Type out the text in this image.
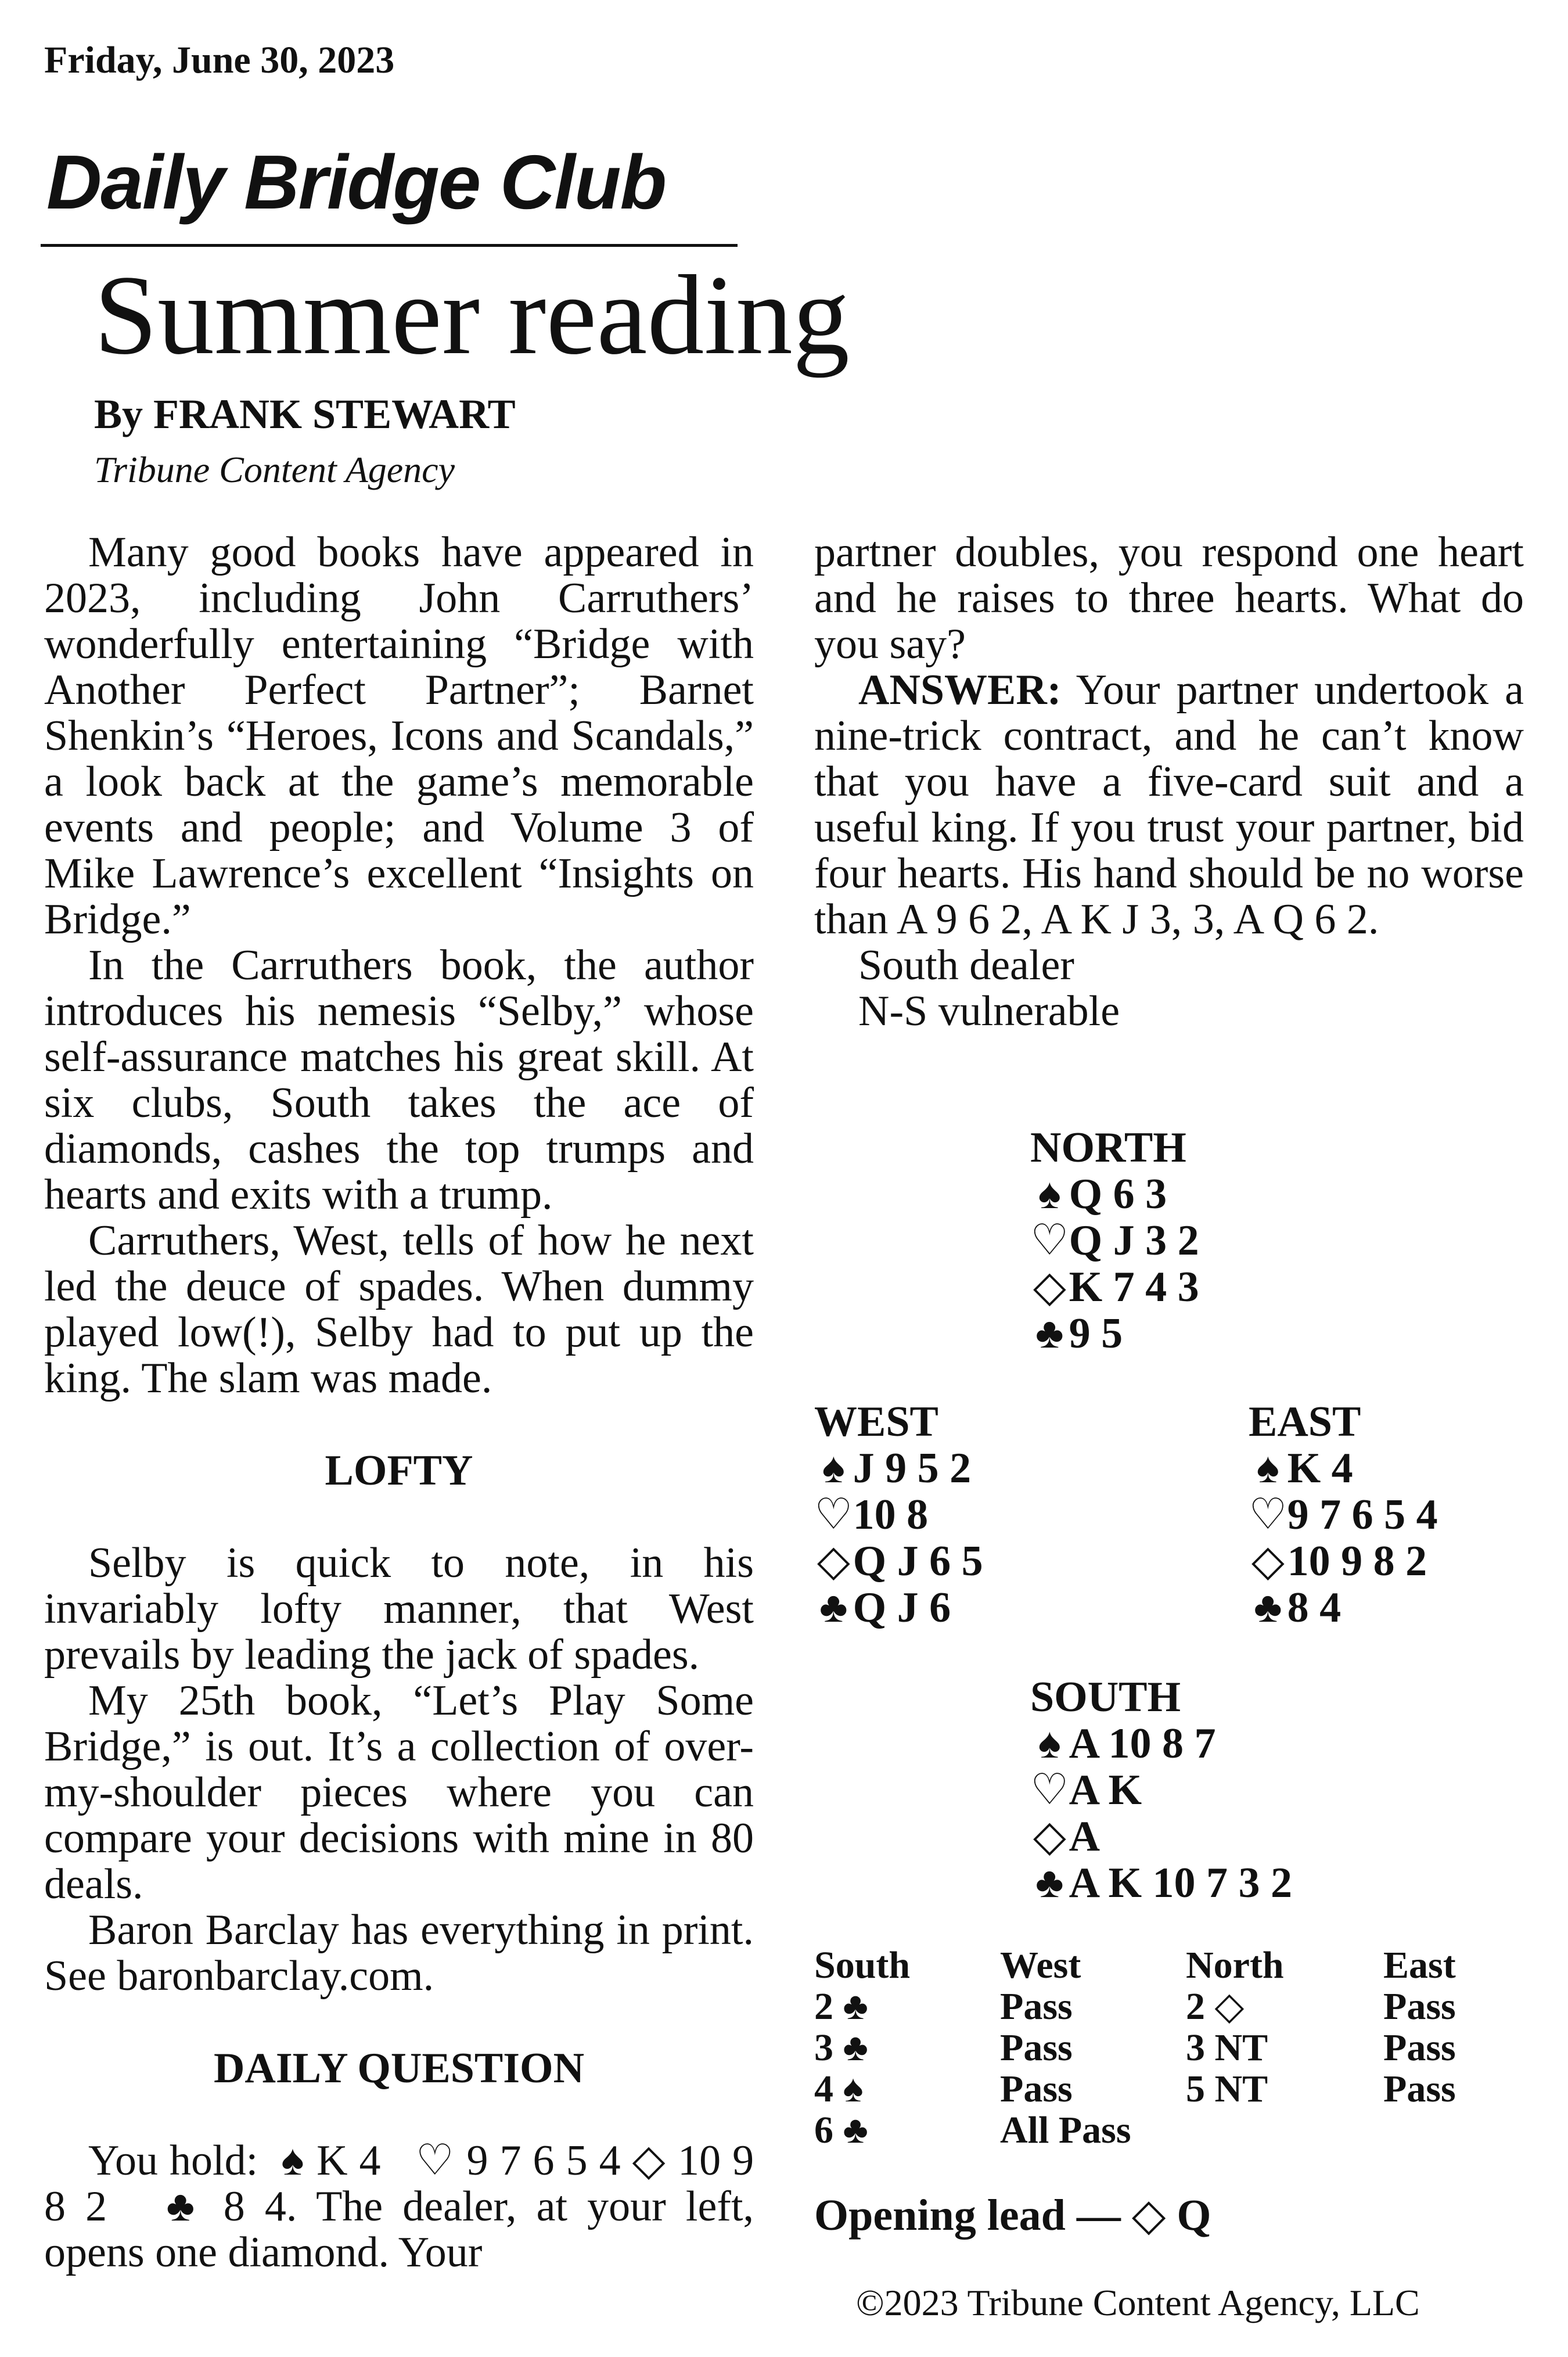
Friday, June 30, 2023
Daily Bridge Club
Summer reading
By FRANK STEWART
Tribune Content Agency

Many good books have appeared in 2023, including John Carruthers’ wonderfully entertaining “Bridge with Another Perfect Partner”; Barnet Shenkin’s “Heroes, Icons and Scandals,” a look back at the game’s memorable events and people; and Volume 3 of Mike Lawrence’s excellent “Insights on Bridge.”

In the Carruthers book, the author introduces his nemesis “Selby,” whose self-assurance matches his great skill. At six clubs, South takes the ace of diamonds, cashes the top trumps and hearts and exits with a trump.

Carruthers, West, tells of how he next led the deuce of spades. When dummy played low(!), Selby had to put up the king. The slam was made.

LOFTY

Selby is quick to note, in his invariably lofty manner, that West prevails by leading the jack of spades.

My 25th book, “Let’s Play Some Bridge,” is out. It’s a collection of over-my-shoulder pieces where you can compare your decisions with mine in 80 deals.

Baron Barclay has everything in print. See baronbarclay.com.

DAILY QUESTION

You hold: ♠ K 4 ♡ 9 7 6 5 4 ◇ 10 9 8 2 ♣ 8 4. The dealer, at your left, opens one diamond. Your

partner doubles, you respond one heart and he raises to three hearts. What do you say?

ANSWER: Your partner undertook a nine-trick contract, and he can’t know that you have a five-card suit and a useful king. If you trust your partner, bid four hearts. His hand should be no worse than A 9 6 2, A K J 3, 3, A Q 6 2.

South dealer
N-S vulnerable
NORTH
♠ Q 6 3
♡Q J 3 2
◇K 7 4 3
♣ 9 5
WEST
♠ J 9 5 2
♡10 8
◇Q J 6 5
♣ Q J 6
EAST
♠ K 4
♡9 7 6 5 4
◇10 9 8 2
♣ 8 4
SOUTH
♠ A 10 8 7
♡A K
◇A
♣ A K 10 7 3 2
South	West	North	East
2 ♣	Pass	2 ◇	Pass
3 ♣	Pass	3 NT	Pass
4 ♠	Pass	5 NT	Pass
6 ♣	All Pass
Opening lead — ◇ Q
©2023 Tribune Content Agency, LLC
